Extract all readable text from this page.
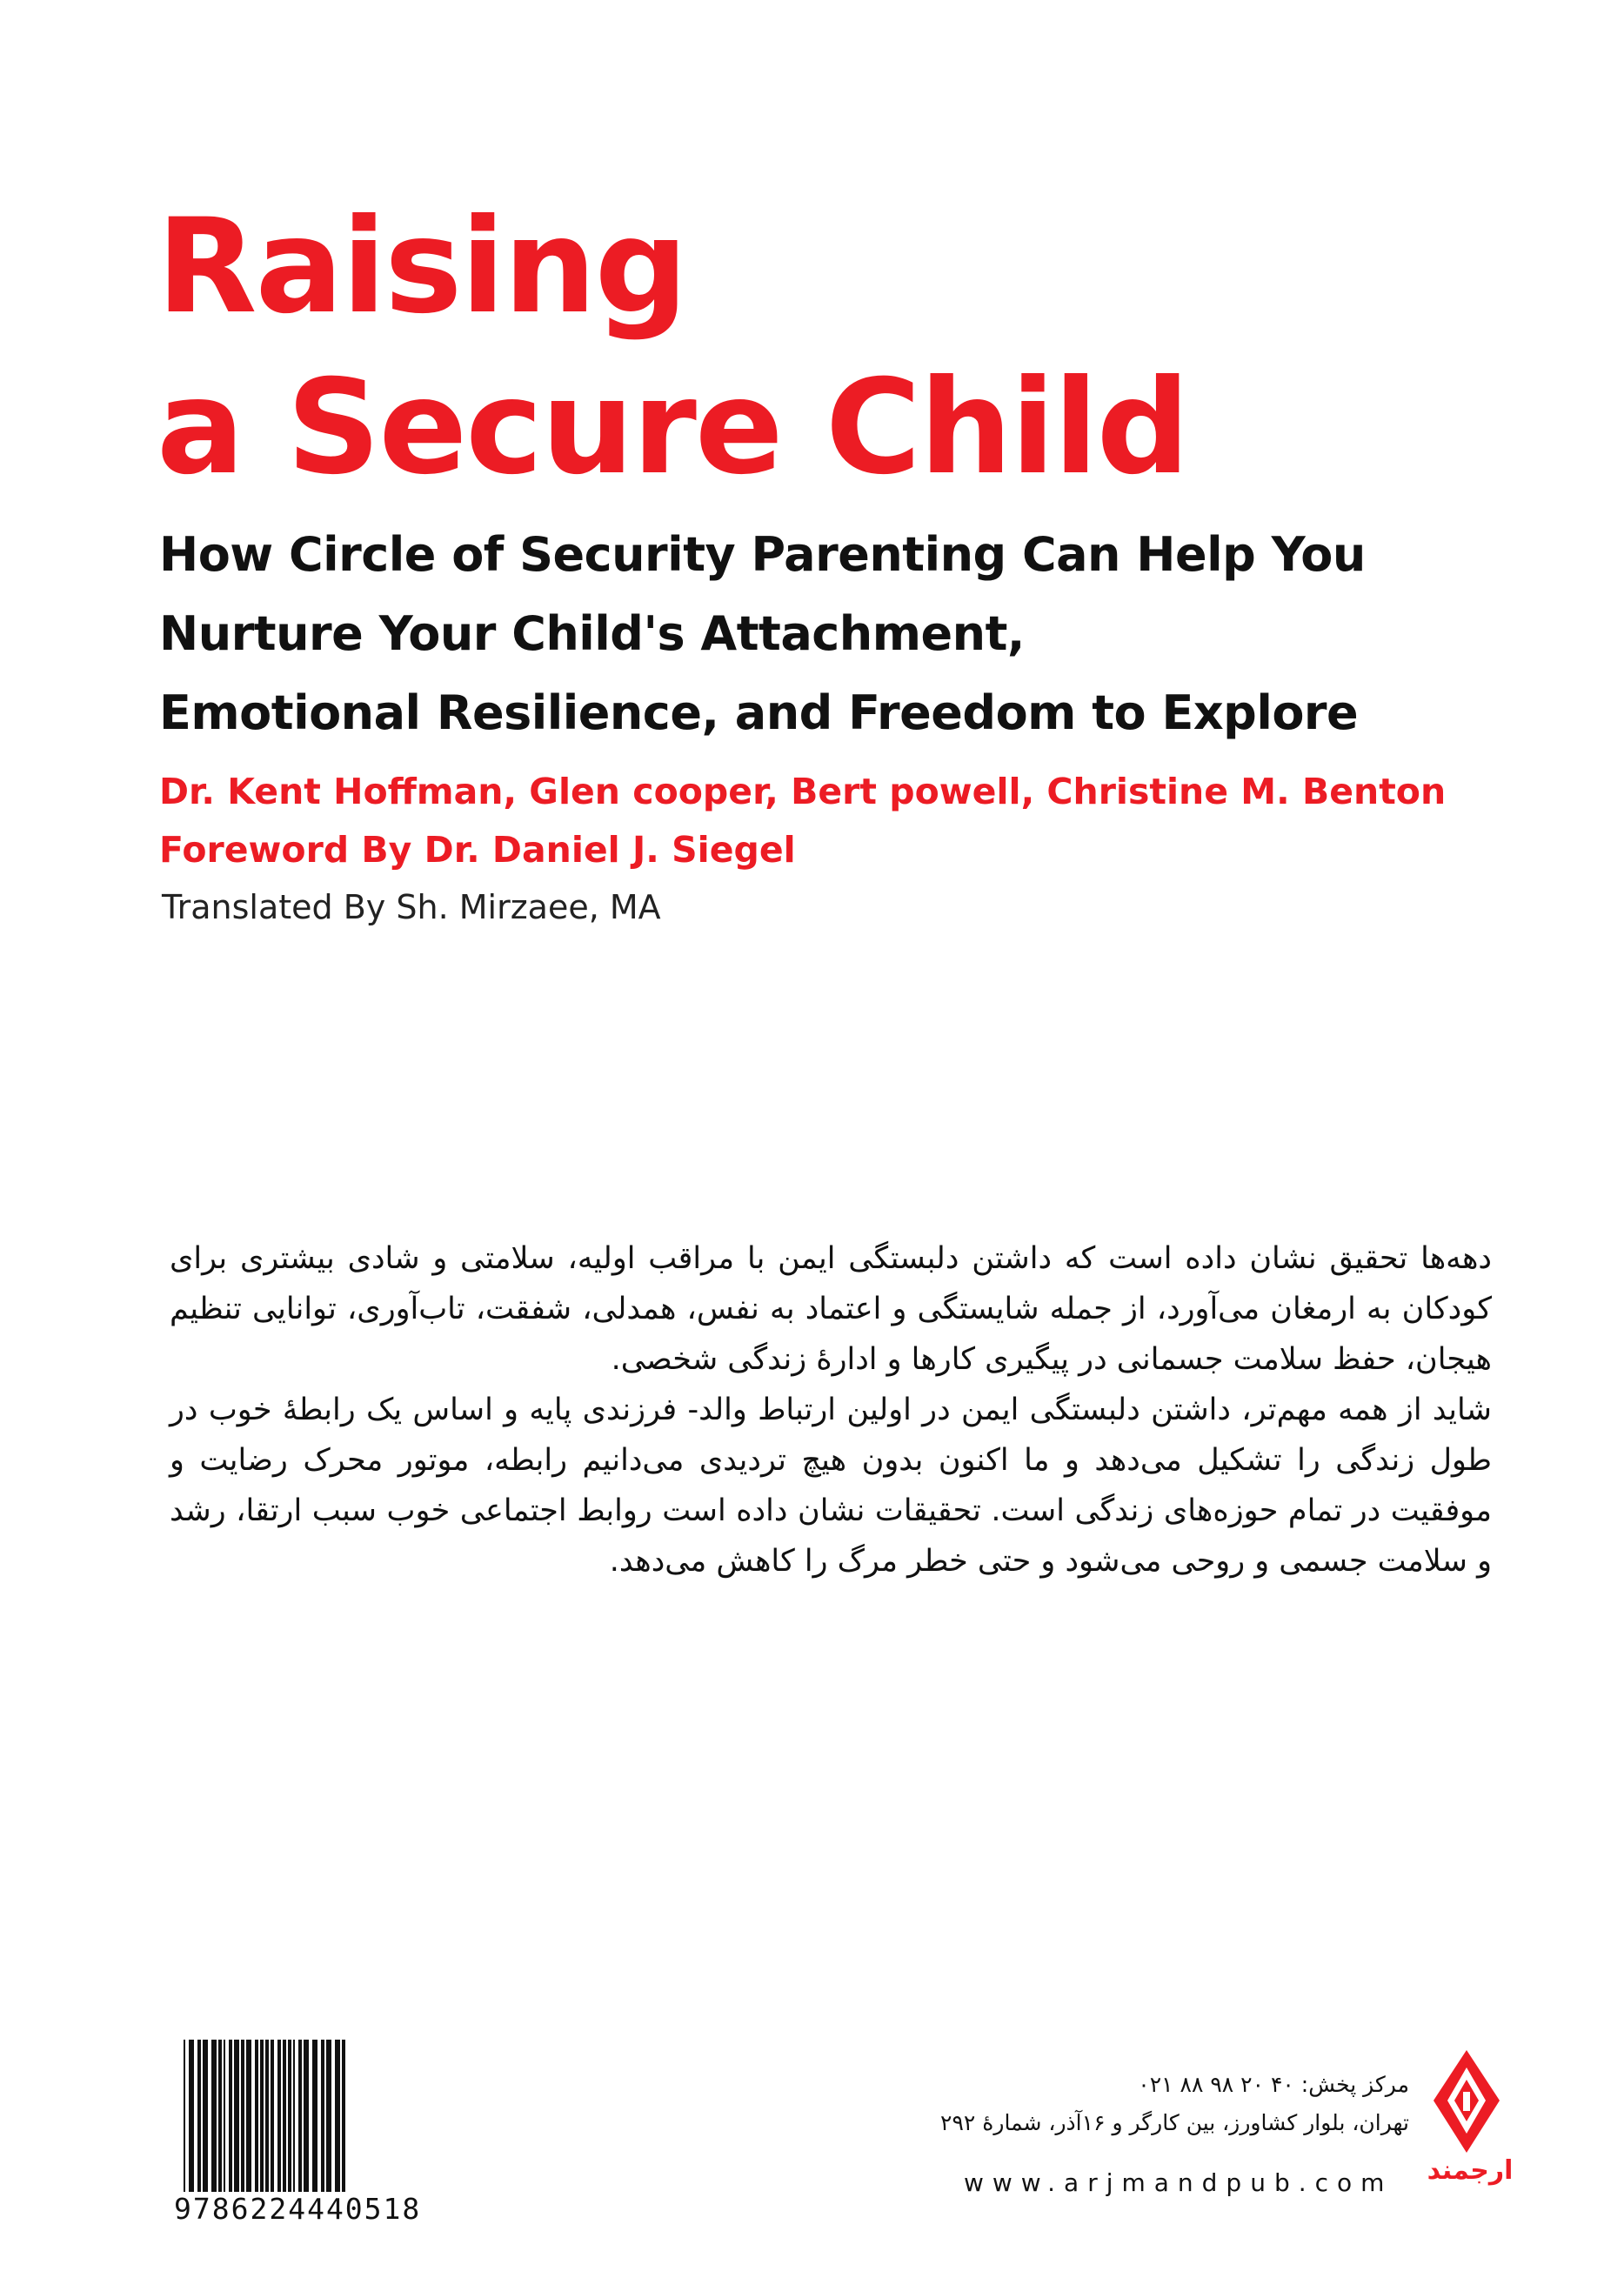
Raising
a Secure Child
How Circle of Security Parenting Can Help You
Nurture Your Child's Attachment,
Emotional Resilience, and Freedom to Explore
Dr. Kent Hoffman, Glen cooper, Bert powell, Christine M. Benton
Foreword By Dr. Daniel J. Siegel
Translated By Sh. Mirzaee, MA

دهه‌ها تحقیق نشان داده است که داشتن دلبستگی ایمن با مراقب اولیه، سلامتی و شادی بیشتری برای کودکان به ارمغان می‌آورد، از جمله شایستگی و اعتماد به نفس، همدلی، شفقت، تاب‌آوری، توانایی تنظیم هیجان، حفظ سلامت جسمانی در پیگیری کارها و ادارهٔ زندگی شخصی.

شاید از همه مهم‌تر، داشتن دلبستگی ایمن در اولین ارتباط والد- فرزندی پایه و اساس یک رابطهٔ خوب در طول زندگی را تشکیل می‌دهد و ما اکنون بدون هیچ تردیدی می‌دانیم رابطه، موتور محرک رضایت و موفقیت در تمام حوزه‌های زندگی است. تحقیقات نشان داده است روابط اجتماعی خوب سبب ارتقا، رشد و سلامت جسمی و روحی می‌شود و حتی خطر مرگ را کاهش می‌دهد.

9786224440518
مرکز پخش: ۴۰ ۲۰ ۹۸ ۸۸ ۰۲۱
تهران، بلوار کشاورز، بین کارگر و ۱۶آذر، شمارهٔ ۲۹۲
www.arjmandpub.com	ارجمند
